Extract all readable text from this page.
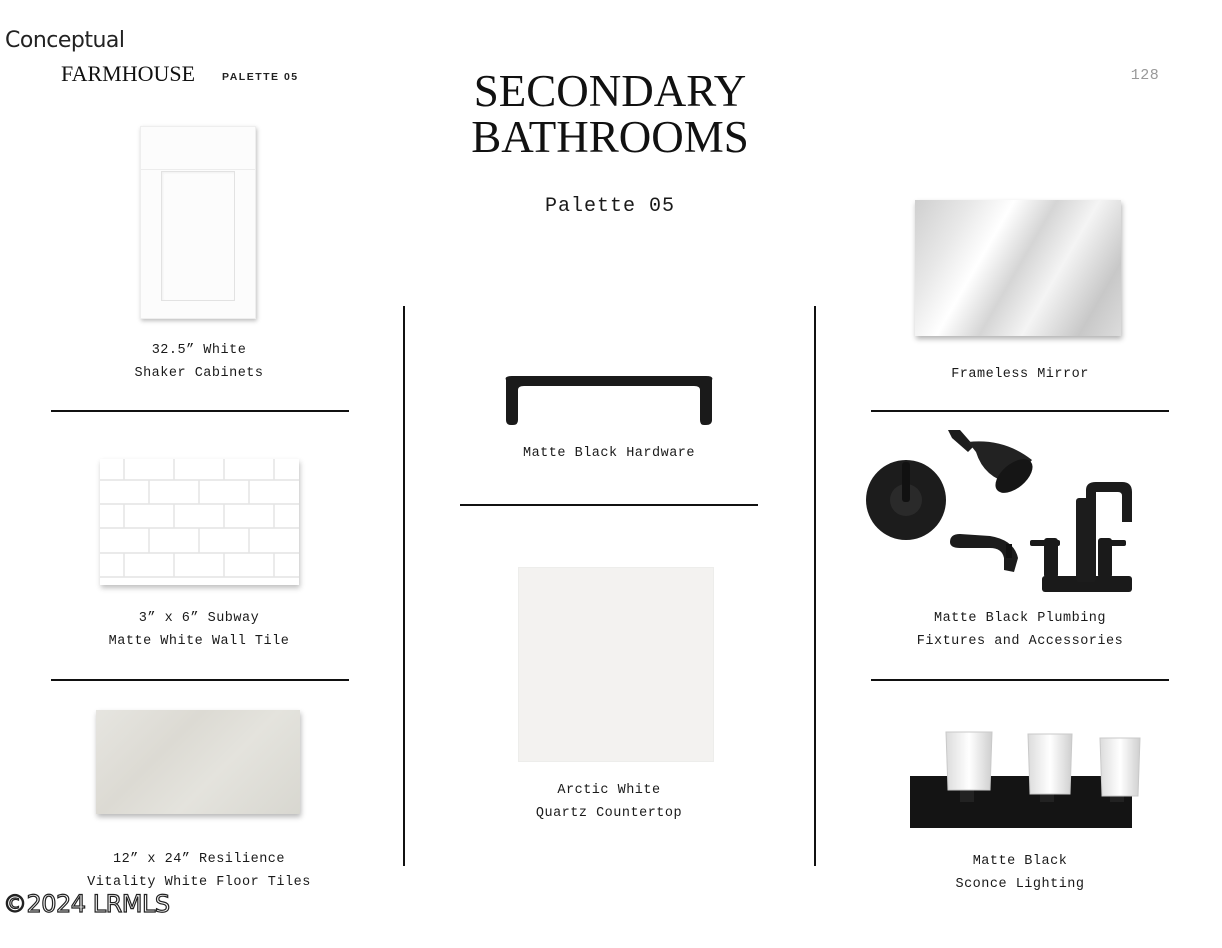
Conceptual
FARMHOUSE	PALETTE 05	SECONDARY
BATHROOMS
Palette 05
128
32.5” White
Shaker Cabinets
3” x 6” Subway
Matte White Wall Tile
12” x 24” Resilience
Vitality White Floor Tiles
Matte Black Hardware
Arctic White
Quartz Countertop
Frameless Mirror
Matte Black Plumbing
Fixtures and Accessories
Matte Black
Sconce Lighting
©2024 LRMLS
